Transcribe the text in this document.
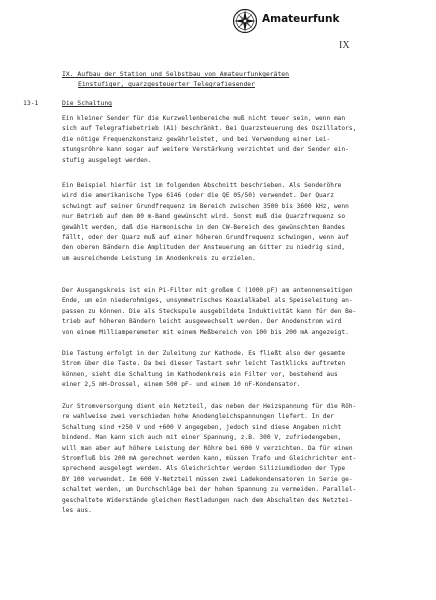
Amateurfunk
IX
IX. Aufbau der Station und Selbstbau von Amateurfunkgeräten
Einstufiger, quarzgesteuerter Telegrafiesender
13-1	Die Schaltung
Ein kleiner Sender für die Kurzwellenbereiche muß nicht teuer sein, wenn man
sich auf Telegrafiebetrieb (A1) beschränkt. Bei Quarzsteuerung des Oszillators,
die nötige Frequenzkonstanz gewährleistet, und bei Verwendung einer Lei-
stungsröhre kann sogar auf weitere Verstärkung verzichtet und der Sender ein-
stufig ausgelegt werden.
Ein Beispiel hierfür ist im folgenden Abschnitt beschrieben. Als Senderöhre
wird die amerikanische Type 6146 (oder die QE 05/50) verwendet. Der Quarz
schwingt auf seiner Grundfrequenz im Bereich zwischen 3500 bis 3600 kHz, wenn
nur Betrieb auf dem 80 m-Band gewünscht wird. Sonst muß die Quarzfrequenz so
gewählt werden, daß die Harmonische in den CW-Bereich des gewünschten Bandes
fällt, oder der Quarz muß auf einer höheren Grundfrequenz schwingen, wenn auf
den oberen Bändern die Amplituden der Ansteuerung am Gitter zu niedrig sind,
um ausreichende Leistung im Anodenkreis zu erzielen.
Der Ausgangskreis ist ein Pi-Filter mit großem C (1000 pF) am antennenseitigen
Ende, um ein niederohmiges, unsymmetrisches Koaxialkabel als Speiseleitung an-
passen zu können. Die als Steckspule ausgebildete Induktivität kann für den Be-
trieb auf höheren Bändern leicht ausgewechselt werden. Der Anodenstrom wird
von einem Milliamperemeter mit einem Meßbereich von 100 bis 200 mA angezeigt.
Die Tastung erfolgt in der Zuleitung zur Kathode. Es fließt also der gesamte
Strom über die Taste. Da bei dieser Tastart sehr leicht Tastklicks auftreten
können, sieht die Schaltung im Kathodenkreis ein Filter vor, bestehend aus
einer 2,5 mH-Drossel, einem 500 pF- und einem 10 nF-Kondensator.
Zur Stromversorgung dient ein Netzteil, das neben der Heizspannung für die Röh-
re wahlweise zwei verschieden hohe Anodengleichspannungen liefert. In der
Schaltung sind +250 V und +600 V angegeben, jedoch sind diese Angaben nicht
bindend. Man kann sich auch mit einer Spannung, z.B. 300 V, zufriedengeben,
will man aber auf höhere Leistung der Röhre bei 600 V verzichten. Da für einen
Stromfluß bis 200 mA gerechnet werden kann, müssen Trafo und Gleichrichter ent-
sprechend ausgelegt werden. Als Gleichrichter werden Siliziumdioden der Type
BY 100 verwendet. Im 600 V-Netzteil müssen zwei Ladekondensatoren in Serie ge-
schaltet werden, um Durchschläge bei der hohen Spannung zu vermeiden. Parallel-
geschaltete Widerstände gleichen Restladungen nach dem Abschalten des Netztei-
les aus.
